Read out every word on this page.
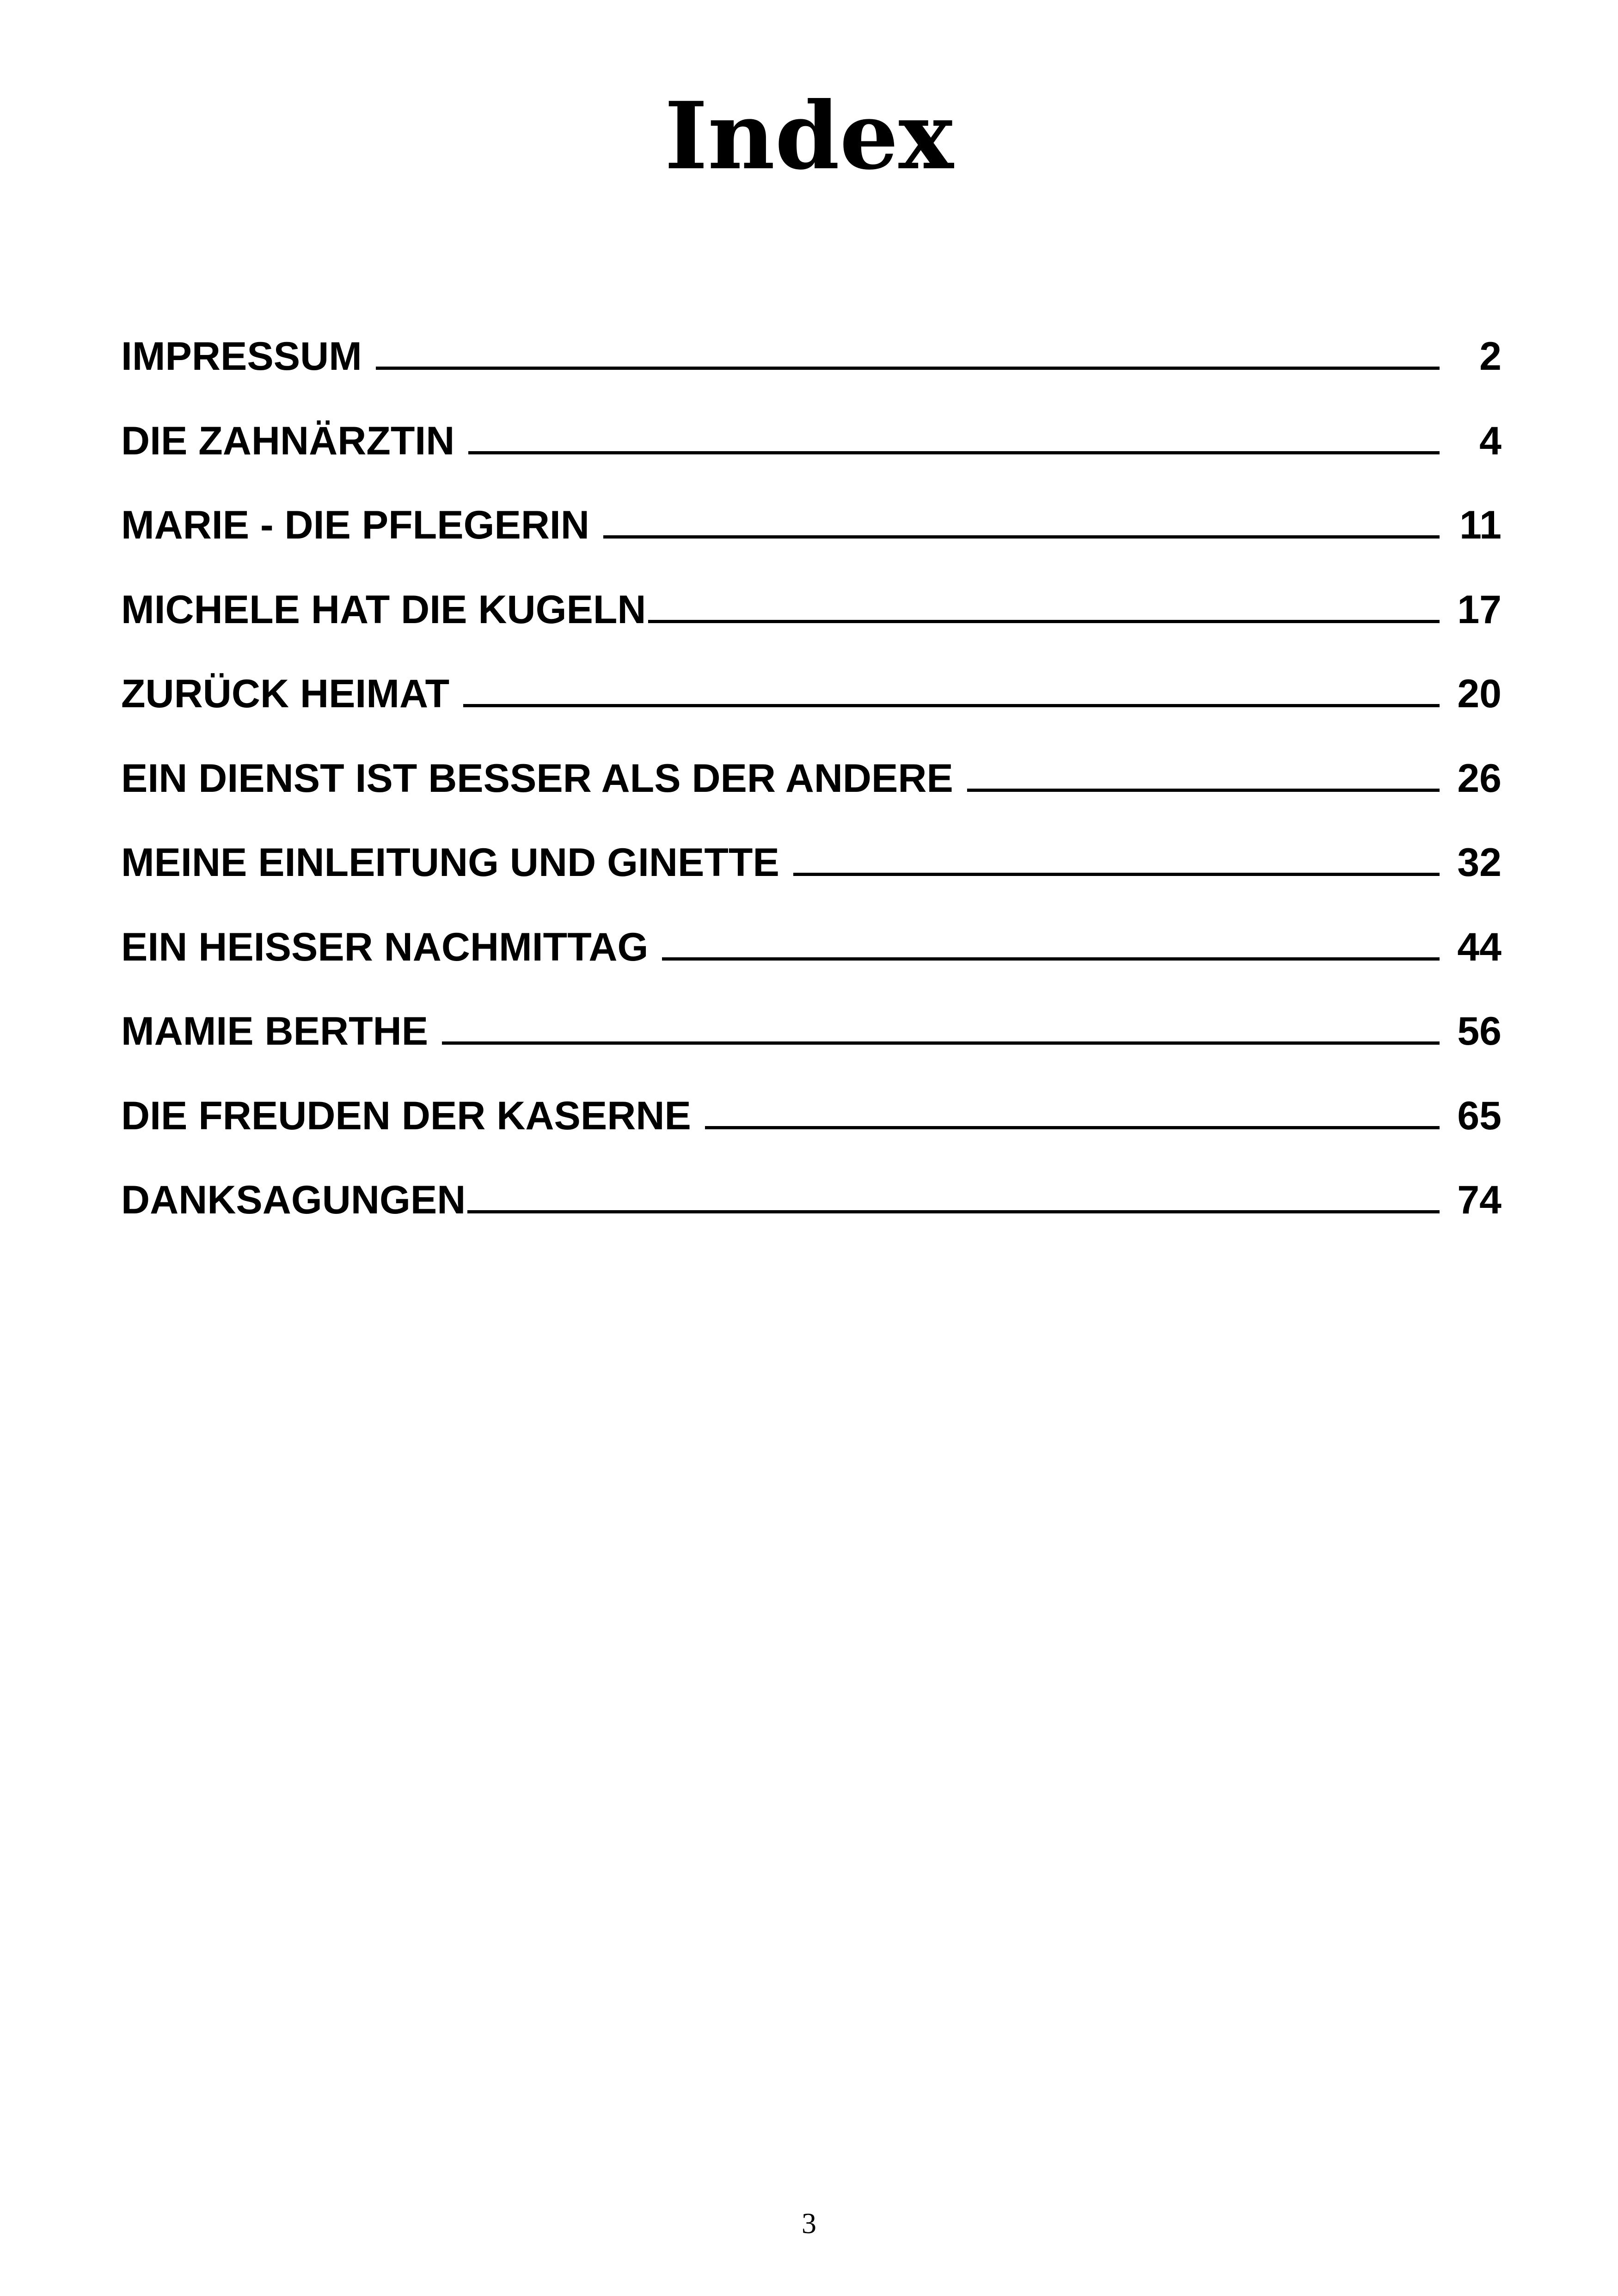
Index
IMPRESSUM	2
DIE ZAHNÄRZTIN	4
MARIE - DIE PFLEGERIN	11
MICHELE HAT DIE KUGELN	17
ZURÜCK HEIMAT	20
EIN DIENST IST BESSER ALS DER ANDERE	26
MEINE EINLEITUNG UND GINETTE	32
EIN HEISSER NACHMITTAG	44
MAMIE BERTHE	56
DIE FREUDEN DER KASERNE	65
DANKSAGUNGEN	74
3
